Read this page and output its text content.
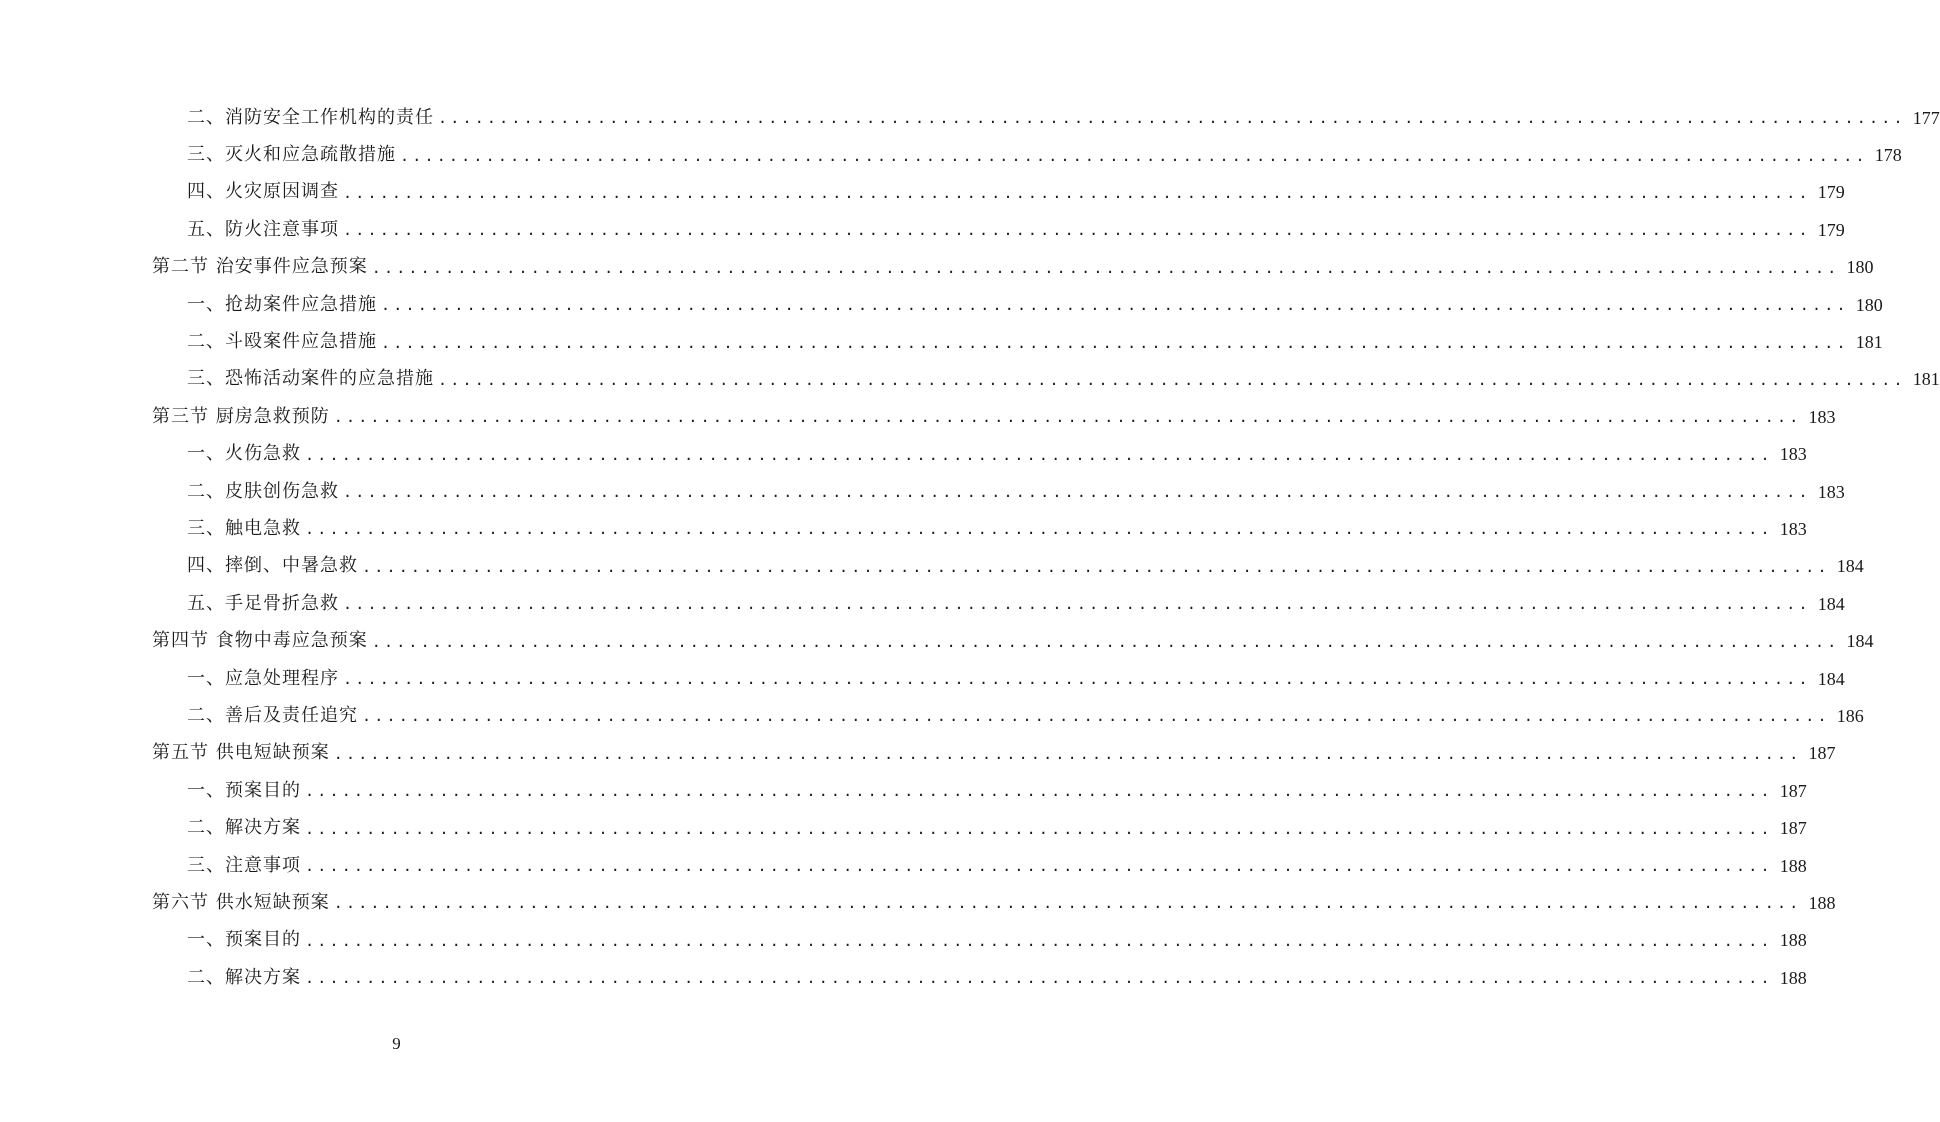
二、消防安全工作机构的责任 ........................................................................................................................ 177
三、灭火和应急疏散措施 ........................................................................................................................ 178
四、火灾原因调查 ........................................................................................................................ 179
五、防火注意事项 ........................................................................................................................ 179
第二节 治安事件应急预案 ........................................................................................................................ 180
一、抢劫案件应急措施 ........................................................................................................................ 180
二、斗殴案件应急措施 ........................................................................................................................ 181
三、恐怖活动案件的应急措施 ........................................................................................................................ 181
第三节 厨房急救预防 ........................................................................................................................ 183
一、火伤急救 ........................................................................................................................ 183
二、皮肤创伤急救 ........................................................................................................................ 183
三、触电急救 ........................................................................................................................ 183
四、摔倒、中暑急救 ........................................................................................................................ 184
五、手足骨折急救 ........................................................................................................................ 184
第四节 食物中毒应急预案 ........................................................................................................................ 184
一、应急处理程序 ........................................................................................................................ 184
二、善后及责任追究 ........................................................................................................................ 186
第五节 供电短缺预案 ........................................................................................................................ 187
一、预案目的 ........................................................................................................................ 187
二、解决方案 ........................................................................................................................ 187
三、注意事项 ........................................................................................................................ 188
第六节 供水短缺预案 ........................................................................................................................ 188
一、预案目的 ........................................................................................................................ 188
二、解决方案 ........................................................................................................................ 188
9
